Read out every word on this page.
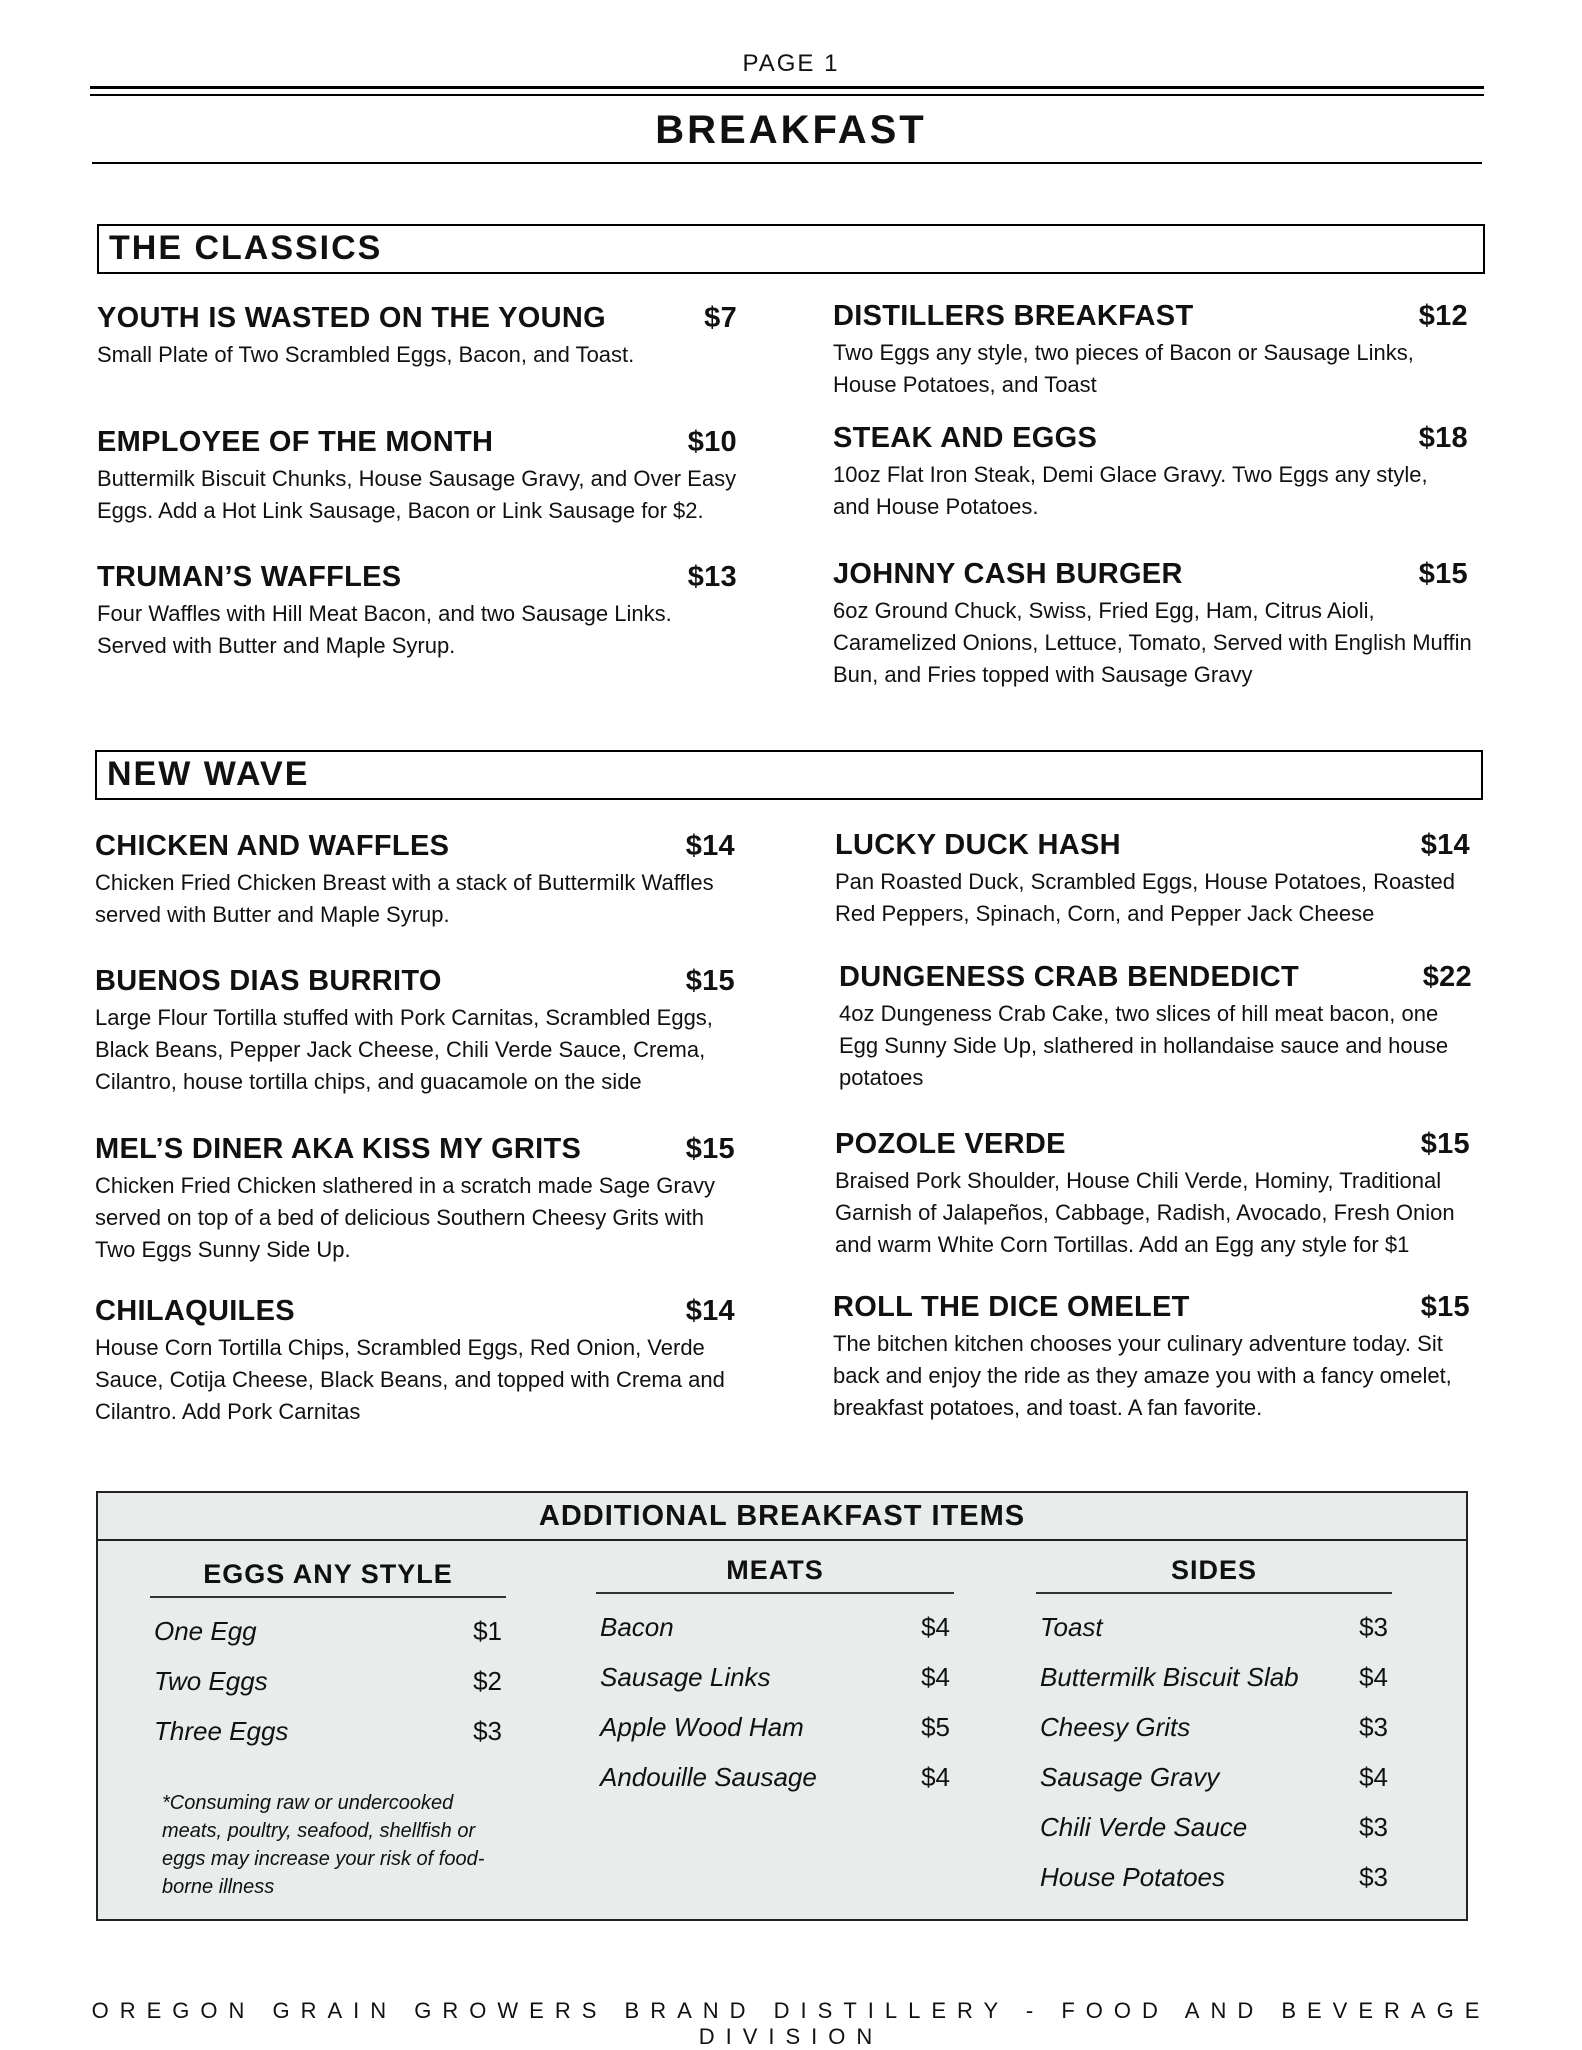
PAGE 1
BREAKFAST
THE CLASSICS
YOUTH IS WASTED ON THE YOUNG	$7
Small Plate of Two Scrambled Eggs, Bacon, and Toast.
EMPLOYEE OF THE MONTH	$10
Buttermilk Biscuit Chunks, House Sausage Gravy, and Over Easy Eggs. Add a Hot Link Sausage, Bacon or Link Sausage for $2.
TRUMAN’S WAFFLES	$13
Four Waffles with Hill Meat Bacon, and two Sausage Links. Served with Butter and Maple Syrup.
DISTILLERS BREAKFAST	$12
Two Eggs any style, two pieces of Bacon or Sausage Links, House Potatoes, and Toast
STEAK AND EGGS	$18
10oz Flat Iron Steak, Demi Glace Gravy. Two Eggs any style, and House Potatoes.
JOHNNY CASH BURGER	$15
6oz Ground Chuck, Swiss, Fried Egg, Ham, Citrus Aioli, Caramelized Onions, Lettuce, Tomato, Served with English Muffin Bun, and Fries topped with Sausage Gravy
NEW WAVE
CHICKEN AND WAFFLES	$14
Chicken Fried Chicken Breast with a stack of Buttermilk Waffles served with Butter and Maple Syrup.
BUENOS DIAS BURRITO	$15
Large Flour Tortilla stuffed with Pork Carnitas, Scrambled Eggs, Black Beans, Pepper Jack Cheese, Chili Verde Sauce, Crema, Cilantro, house tortilla chips, and guacamole on the side
MEL’S DINER AKA KISS MY GRITS	$15
Chicken Fried Chicken slathered in a scratch made Sage Gravy served on top of a bed of delicious Southern Cheesy Grits with Two Eggs Sunny Side Up.
CHILAQUILES	$14
House Corn Tortilla Chips, Scrambled Eggs, Red Onion, Verde Sauce, Cotija Cheese, Black Beans, and topped with Crema and Cilantro. Add Pork Carnitas
LUCKY DUCK HASH	$14
Pan Roasted Duck, Scrambled Eggs, House Potatoes, Roasted Red Peppers, Spinach, Corn, and Pepper Jack Cheese
DUNGENESS CRAB BENDEDICT	$22
4oz Dungeness Crab Cake, two slices of hill meat bacon, one Egg Sunny Side Up, slathered in hollandaise sauce and house potatoes
POZOLE VERDE	$15
Braised Pork Shoulder, House Chili Verde, Hominy, Traditional Garnish of Jalapeños, Cabbage, Radish, Avocado, Fresh Onion and warm White Corn Tortillas. Add an Egg any style for $1
ROLL THE DICE OMELET	$15
The bitchen kitchen chooses your culinary adventure today. Sit back and enjoy the ride as they amaze you with a fancy omelet, breakfast potatoes, and toast. A fan favorite.
ADDITIONAL BREAKFAST ITEMS
EGGS ANY STYLE
One Egg	$1
Two Eggs	$2
Three Eggs	$3
MEATS
Bacon	$4
Sausage Links	$4
Apple Wood Ham	$5
Andouille Sausage	$4
SIDES
Toast	$3
Buttermilk Biscuit Slab $4
Cheesy Grits	$3
Sausage Gravy	$4
Chili Verde Sauce	$3
House Potatoes	$3
*Consuming raw or undercooked meats, poultry, seafood, shellfish or eggs may increase your risk of food-borne illness
OREGON GRAIN GROWERS BRAND DISTILLERY - FOOD AND BEVERAGE DIVISION
